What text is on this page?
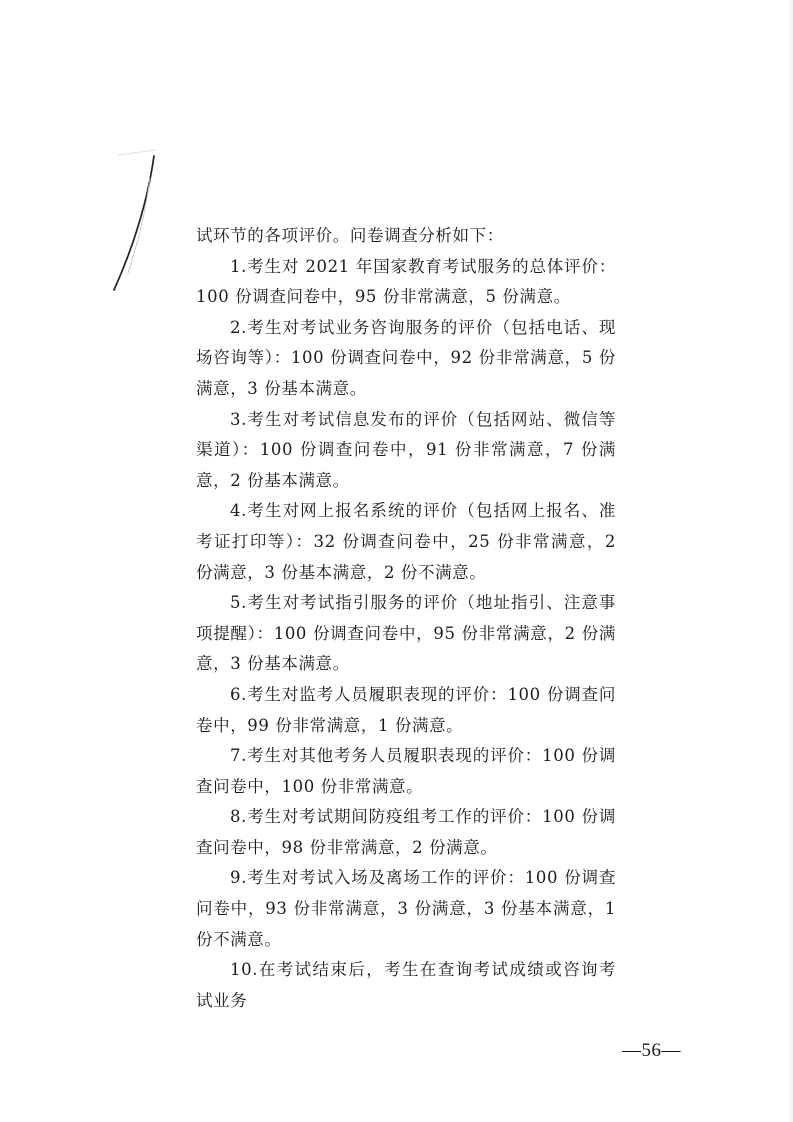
试环节的各项评价。问卷调查分析如下：

1.考生对 2021 年国家教育考试服务的总体评价：100 份调查问卷中，95 份非常满意，5 份满意。

2.考生对考试业务咨询服务的评价（包括电话、现场咨询等）：100 份调查问卷中，92 份非常满意，5 份满意，3 份基本满意。

3.考生对考试信息发布的评价（包括网站、微信等渠道）：100 份调查问卷中，91 份非常满意，7 份满意，2 份基本满意。

4.考生对网上报名系统的评价（包括网上报名、准考证打印等）：32 份调查问卷中，25 份非常满意，2 份满意，3 份基本满意，2 份不满意。

5.考生对考试指引服务的评价（地址指引、注意事项提醒）：100 份调查问卷中，95 份非常满意，2 份满意，3 份基本满意。

6.考生对监考人员履职表现的评价：100 份调查问卷中，99 份非常满意，1 份满意。

7.考生对其他考务人员履职表现的评价：100 份调查问卷中，100 份非常满意。

8.考生对考试期间防疫组考工作的评价：100 份调查问卷中，98 份非常满意，2 份满意。

9.考生对考试入场及离场工作的评价：100 份调查问卷中，93 份非常满意，3 份满意，3 份基本满意，1 份不满意。

10.在考试结束后，考生在查询考试成绩或咨询考试业务

—56—
